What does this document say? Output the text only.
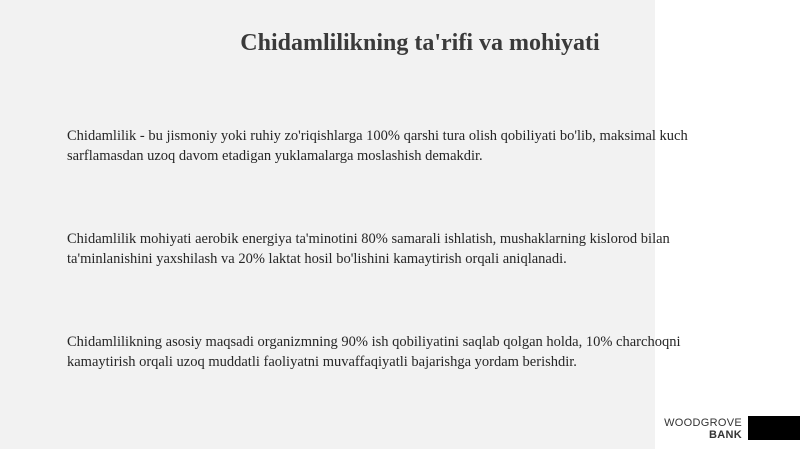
Chidamlilikning ta'rifi va mohiyati
Chidamlilik - bu jismoniy yoki ruhiy zo'riqishlarga 100% qarshi tura olish qobiliyati bo'lib, maksimal kuch sarflamasdan uzoq davom etadigan yuklamalarga moslashish demakdir.
Chidamlilik mohiyati aerobik energiya ta'minotini 80% samarali ishlatish, mushaklarning kislorod bilan ta'minlanishini yaxshilash va 20% laktat hosil bo'lishini kamaytirish orqali aniqlanadi.
Chidamlilikning asosiy maqsadi organizmning 90% ish qobiliyatini saqlab qolgan holda, 10% charchoqni kamaytirish orqali uzoq muddatli faoliyatni muvaffaqiyatli bajarishga yordam berishdir.
WOODGROVE
BANK
